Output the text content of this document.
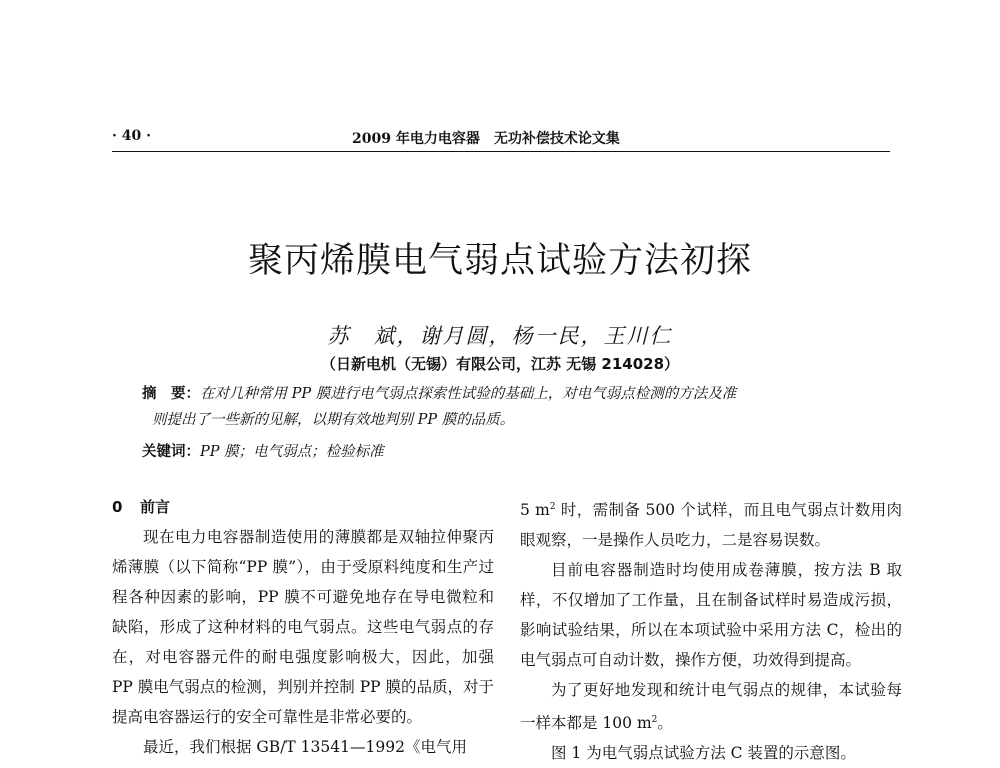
· 40 ·	2009 年电力电容器　无功补偿技术论文集
聚丙烯膜电气弱点试验方法初探
苏　斌，谢月圆，杨一民，王川仁
（日新电机（无锡）有限公司，江苏 无锡 214028）
摘　要：在对几种常用 PP 膜进行电气弱点探索性试验的基础上，对电气弱点检测的方法及准
则提出了一些新的见解，以期有效地判别 PP 膜的品质。
关键词：PP 膜；电气弱点；检验标准

0 前言

现在电力电容器制造使用的薄膜都是双轴拉伸聚丙烯薄膜（以下简称“PP 膜”），由于受原料纯度和生产过程各种因素的影响，PP 膜不可避免地存在导电微粒和缺陷，形成了这种材料的电气弱点。这些电气弱点的存在，对电容器元件的耐电强度影响极大，因此，加强 PP 膜电气弱点的检测，判别并控制 PP 膜的品质，对于提高电容器运行的安全可靠性是非常必要的。

最近，我们根据 GB/T 13541—1992《电气用

5 $m^2$ 时，需制备 500 个试样，而且电气弱点计数用肉眼观察，一是操作人员吃力，二是容易误数。

目前电容器制造时均使用成卷薄膜，按方法 B 取样，不仅增加了工作量，且在制备试样时易造成污损，影响试验结果，所以在本项试验中采用方法 C，检出的电气弱点可自动计数，操作方便，功效得到提高。

为了更好地发现和统计电气弱点的规律，本试验每一样本都是 100 $m^2$。

图 1 为电气弱点试验方法 C 装置的示意图。
